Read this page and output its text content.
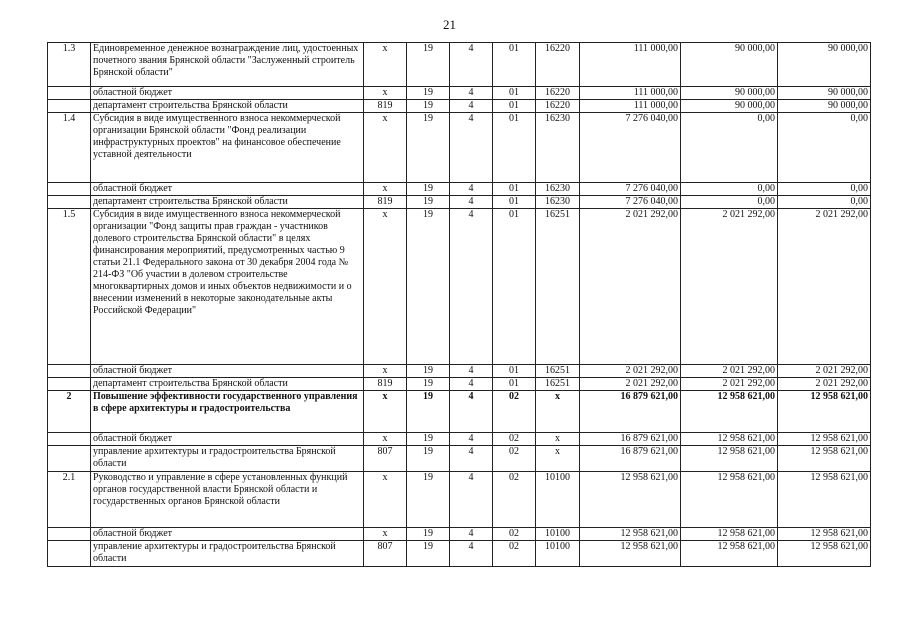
21
1.3	Единовременное денежное вознаграждение лиц, удостоенных почетного звания Брянской области "Заслуженный строитель Брянской области"	х	19	4	01	16220	111 000,00	90 000,00	90 000,00
	областной бюджет	х	19	4	01	16220	111 000,00	90 000,00	90 000,00
	департамент строительства Брянской области	819	19	4	01	16220	111 000,00	90 000,00	90 000,00
1.4	Субсидия в виде имущественного взноса некоммерческой организации Брянской области "Фонд реализации инфраструктурных проектов" на финансовое обеспечение уставной деятельности	х	19	4	01	16230	7 276 040,00	0,00	0,00
	областной бюджет	х	19	4	01	16230	7 276 040,00	0,00	0,00
	департамент строительства Брянской области	819	19	4	01	16230	7 276 040,00	0,00	0,00
1.5	Субсидия в виде имущественного взноса некоммерческой организации "Фонд защиты прав граждан - участников долевого строительства Брянской области" в целях финансирования мероприятий, предусмотренных частью 9 статьи 21.1 Федерального закона от 30 декабря 2004 года № 214-ФЗ "Об участии в долевом строительстве многоквартирных домов и иных объектов недвижимости и о внесении изменений в некоторые законодательные акты Российской Федерации"	х	19	4	01	16251	2 021 292,00	2 021 292,00	2 021 292,00
	областной бюджет	х	19	4	01	16251	2 021 292,00	2 021 292,00	2 021 292,00
	департамент строительства Брянской области	819	19	4	01	16251	2 021 292,00	2 021 292,00	2 021 292,00
2	Повышение эффективности государственного управления в сфере архитектуры и градостроительства	х	19	4	02	х	16 879 621,00	12 958 621,00	12 958 621,00
	областной бюджет	х	19	4	02	х	16 879 621,00	12 958 621,00	12 958 621,00
	управление архитектуры и градостроительства Брянской области	807	19	4	02	х	16 879 621,00	12 958 621,00	12 958 621,00
2.1	Руководство и управление в сфере установленных функций органов государственной власти Брянской области и государственных органов Брянской области	х	19	4	02	10100	12 958 621,00	12 958 621,00	12 958 621,00
	областной бюджет	х	19	4	02	10100	12 958 621,00	12 958 621,00	12 958 621,00
	управление архитектуры и градостроительства Брянской области	807	19	4	02	10100	12 958 621,00	12 958 621,00	12 958 621,00
